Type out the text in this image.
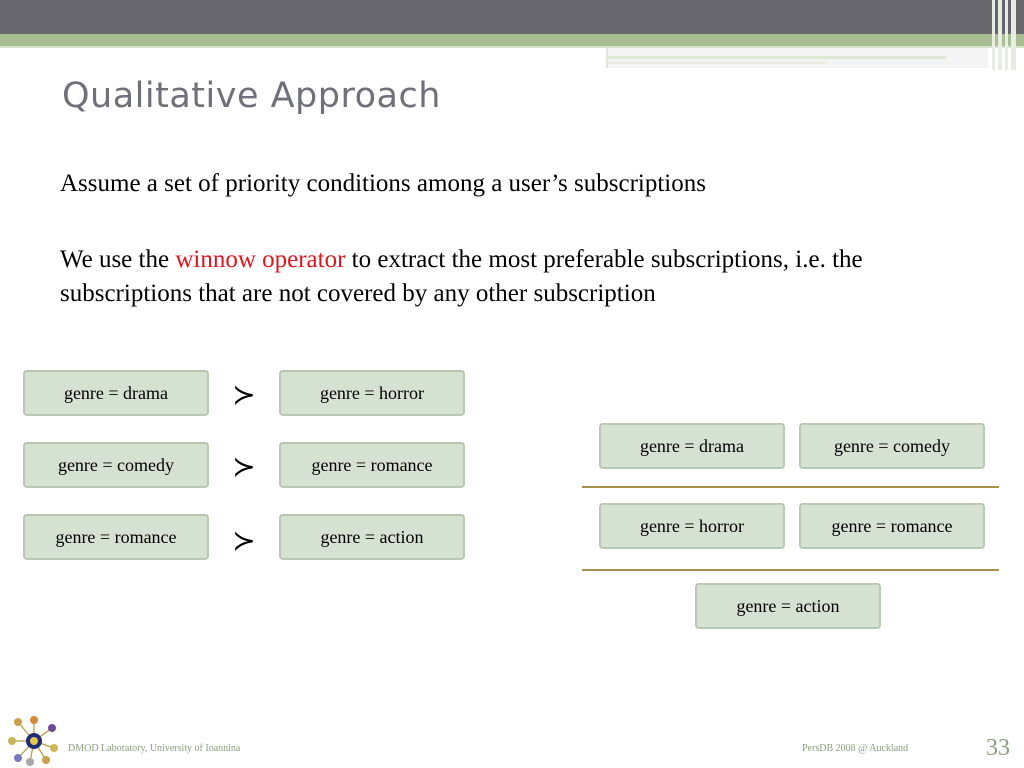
Qualitative Approach
Assume a set of priority conditions among a user’s subscriptions
We use the winnow operator to extract the most preferable subscriptions, i.e. the subscriptions that are not covered by any other subscription
genre = drama	≻	genre = horror
genre = comedy	≻	genre = romance
genre = romance	≻	genre = action
genre = drama	genre = comedy
genre = horror	genre = romance
genre = action
DMOD Laboratory, University of Ioannina	PersDB 2008 @ Auckland	33
